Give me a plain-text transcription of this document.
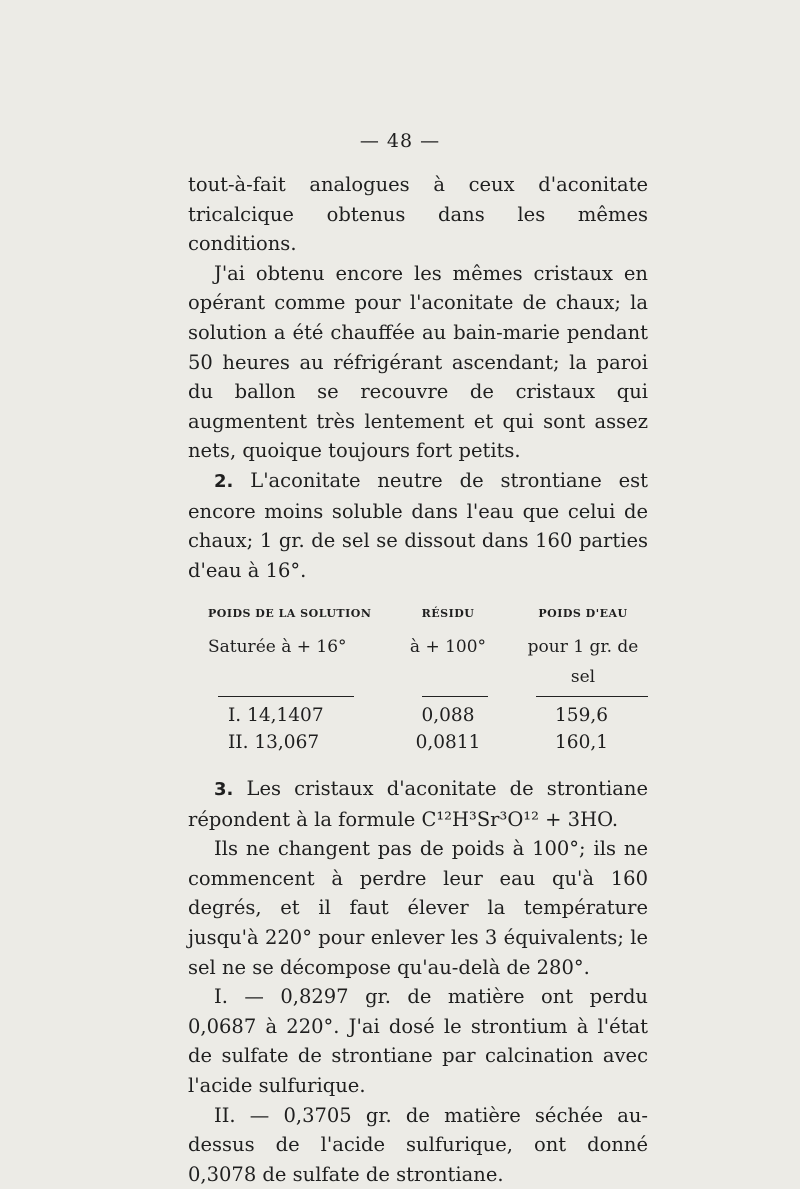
— 48 —

tout-à-fait analogues à ceux d'aconitate tricalcique obtenus dans les mêmes conditions.

J'ai obtenu encore les mêmes cristaux en opérant comme pour l'aconitate de chaux; la solution a été chauffée au bain-marie pendant 50 heures au réfrigérant ascendant; la paroi du ballon se recouvre de cristaux qui augmentent très lentement et qui sont assez nets, quoique toujours fort petits.

2. L'aconitate neutre de strontiane est encore moins soluble dans l'eau que celui de chaux; 1 gr. de sel se dissout dans 160 parties d'eau à 16°.

POIDS DE LA SOLUTION	RÉSIDU	POIDS D'EAU
Saturée à + 16°	à + 100°	pour 1 gr. de sel
I. 14,1407	0,088	159,6
II. 13,067	0,0811	160,1

3. Les cristaux d'aconitate de strontiane répondent à la formule C¹²H³Sr³O¹² + 3HO.

Ils ne changent pas de poids à 100°; ils ne commencent à perdre leur eau qu'à 160 degrés, et il faut élever la température jusqu'à 220° pour enlever les 3 équivalents; le sel ne se décompose qu'au-delà de 280°.

I. — 0,8297 gr. de matière ont perdu 0,0687 à 220°. J'ai dosé le strontium à l'état de sulfate de strontiane par calcination avec l'acide sulfurique.

II. — 0,3705 gr. de matière séchée au-dessus de l'acide sulfurique, ont donné 0,3078 de sulfate de strontiane.
